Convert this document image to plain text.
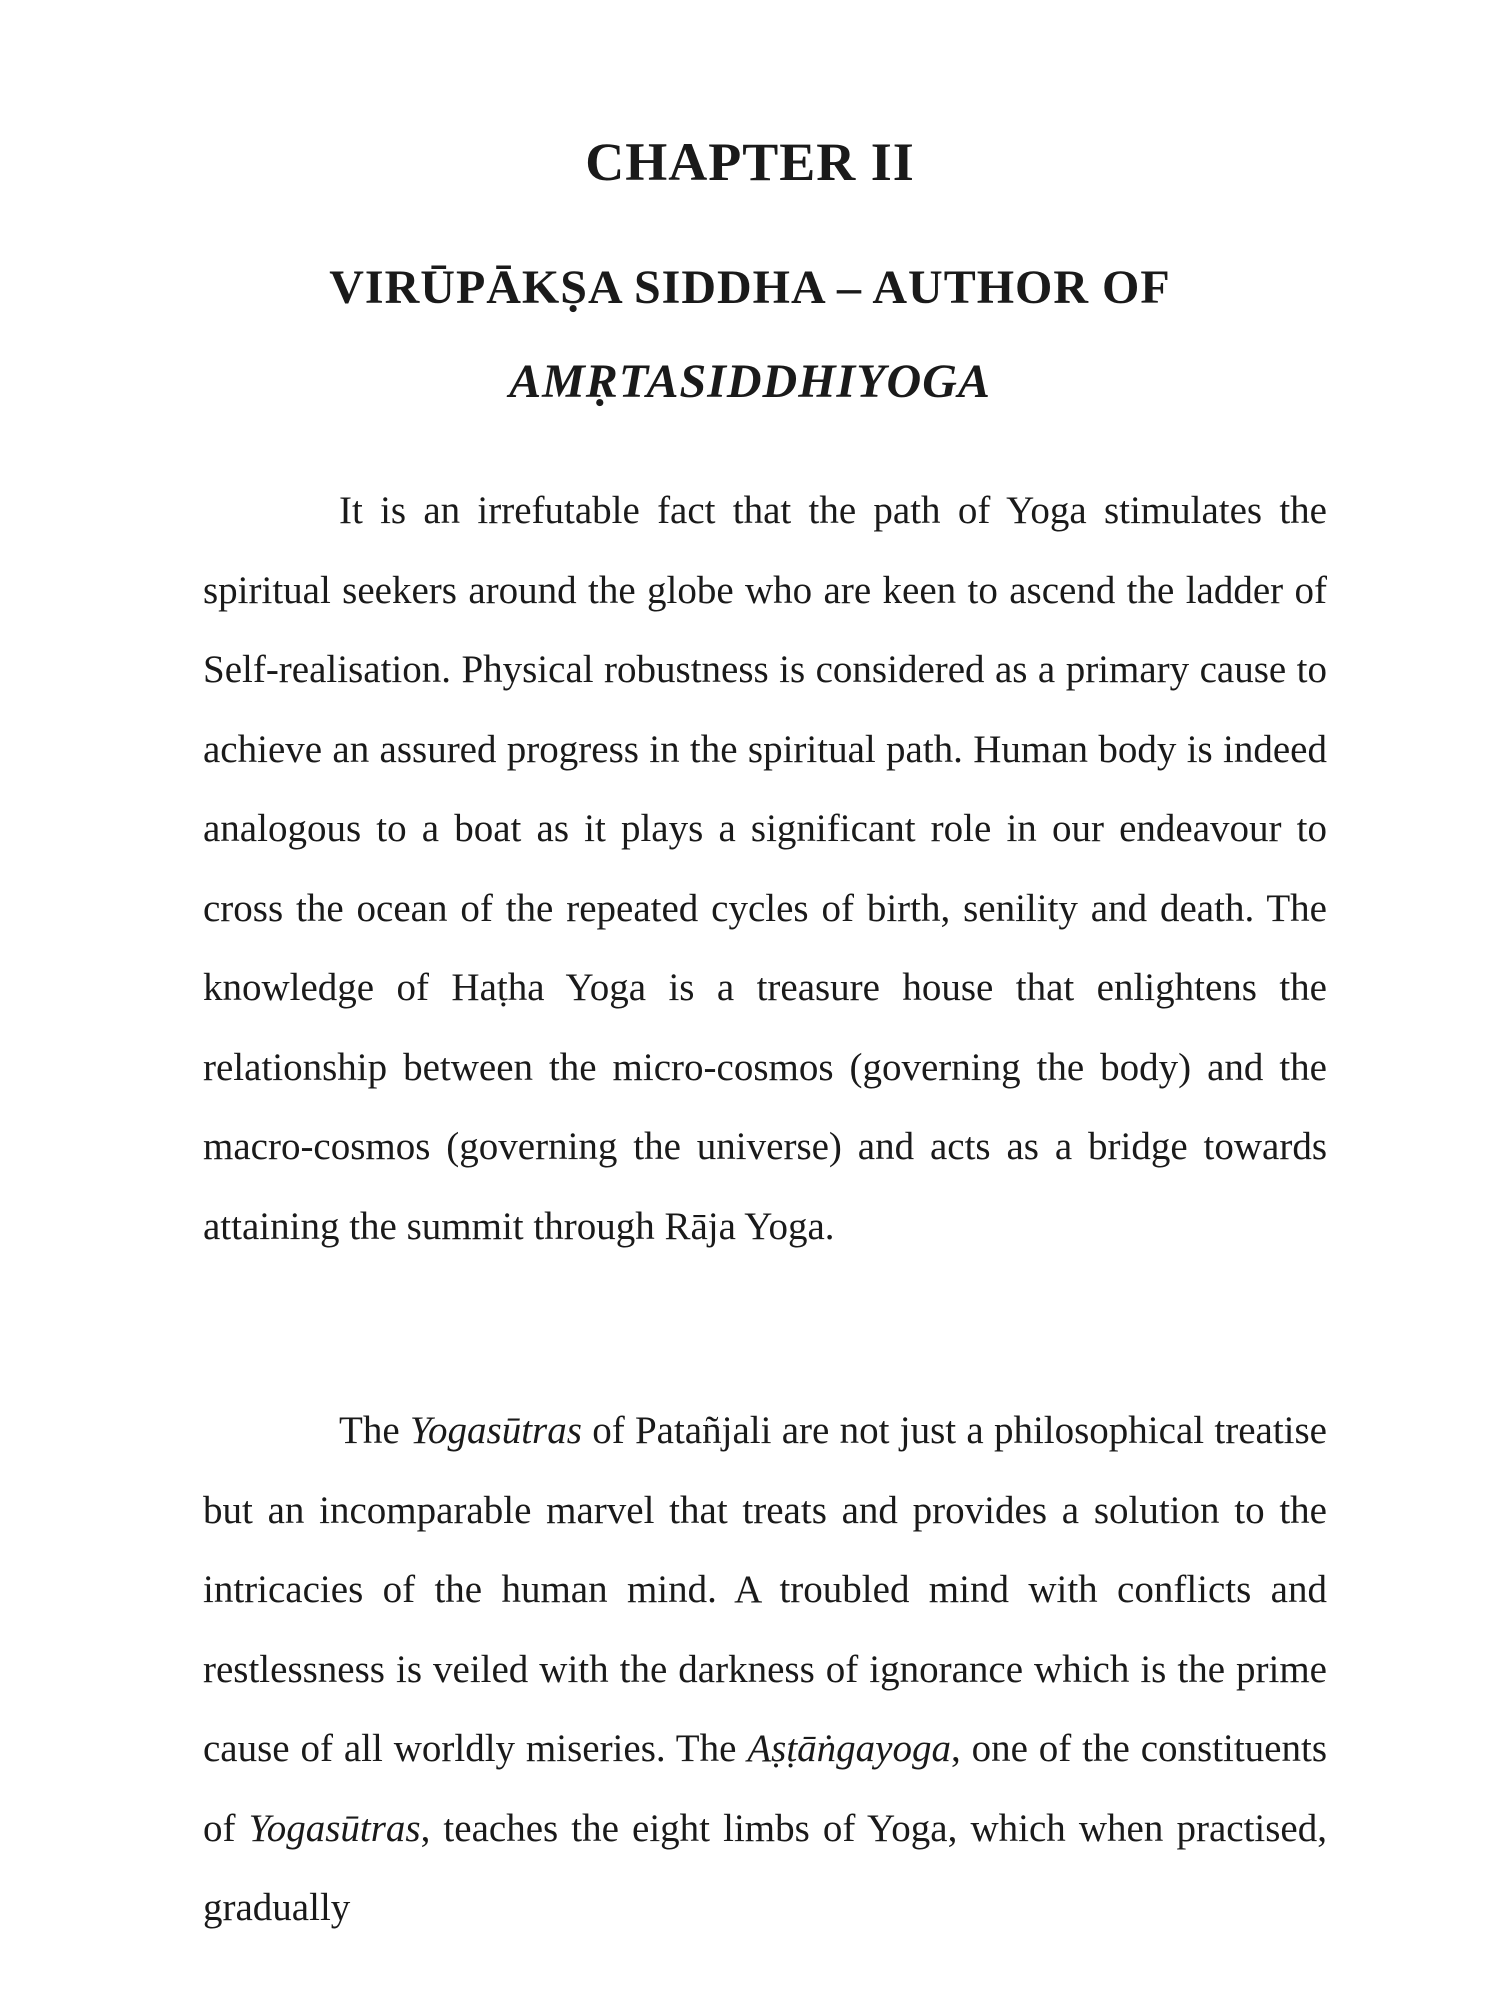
CHAPTER II
VIRŪPĀKṢA SIDDHA – AUTHOR OF
AMṚTASIDDHIYOGA

It is an irrefutable fact that the path of Yoga stimulates the spiritual seekers around the globe who are keen to ascend the ladder of Self-realisation. Physical robustness is considered as a primary cause to achieve an assured progress in the spiritual path. Human body is indeed analogous to a boat as it plays a significant role in our endeavour to cross the ocean of the repeated cycles of birth, senility and death. The knowledge of Haṭha Yoga is a treasure house that enlightens the relationship between the micro-cosmos (governing the body) and the macro-cosmos (governing the universe) and acts as a bridge towards attaining the summit through Rāja Yoga.

The Yogasūtras of Patañjali are not just a philosophical treatise but an incomparable marvel that treats and provides a solution to the intricacies of the human mind. A troubled mind with conflicts and restlessness is veiled with the darkness of ignorance which is the prime cause of all worldly miseries. The Aṣṭāṅgayoga, one of the constituents of Yogasūtras, teaches the eight limbs of Yoga, which when practised, gradually
